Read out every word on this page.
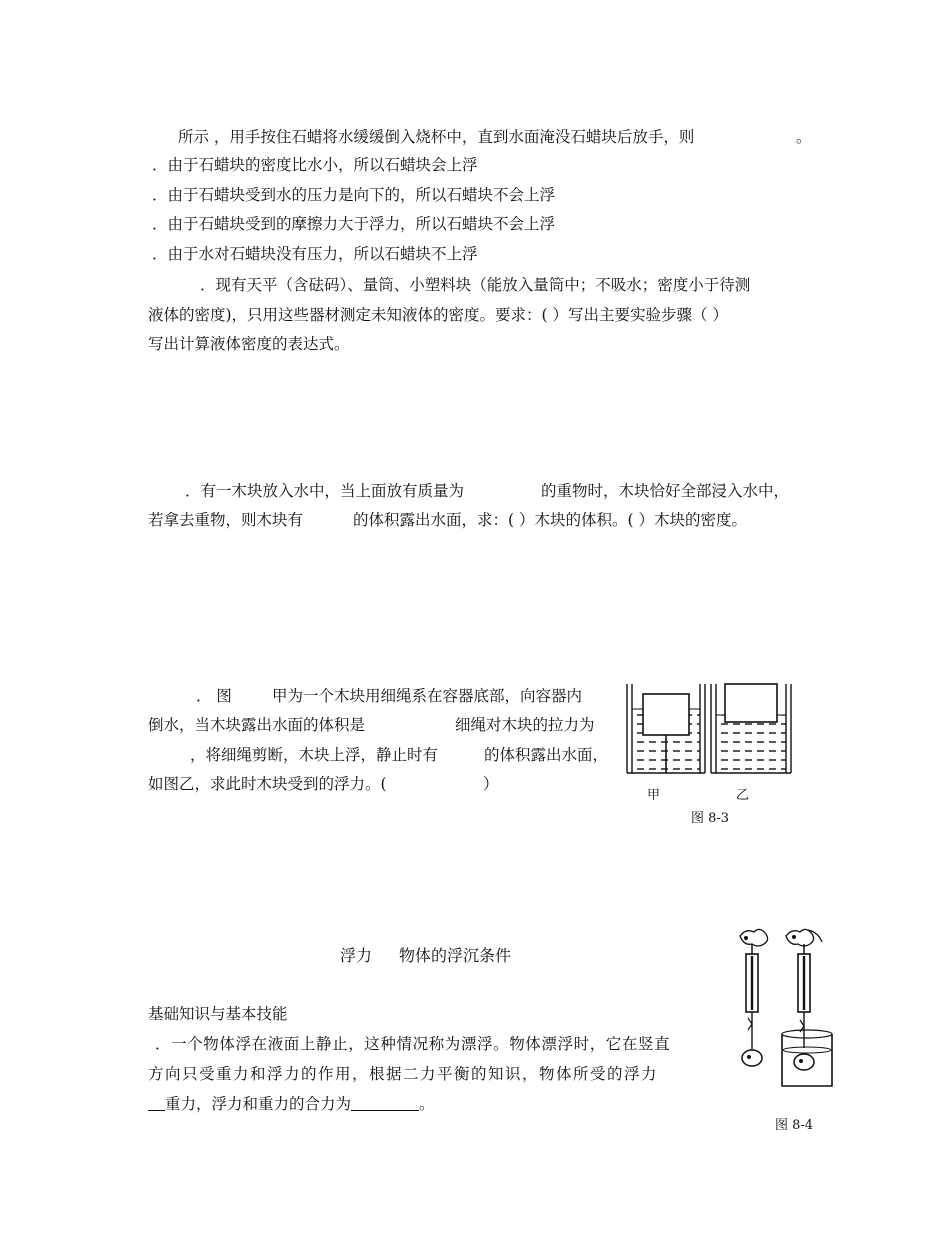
所示 ，用手按住石蜡将水缓缓倒入烧杯中，直到水面淹没石蜡块后放手，则	。
．由于石蜡块的密度比水小，所以石蜡块会上浮
．由于石蜡块受到水的压力是向下的，所以石蜡块不会上浮
．由于石蜡块受到的摩擦力大于浮力，所以石蜡块不会上浮
．由于水对石蜡块没有压力，所以石蜡块不上浮
．现有天平（含砝码）、量筒、小塑料块（能放入量筒中；不吸水；密度小于待测
液体的密度)，只用这些器材测定未知液体的密度。要求：( ）写出主要实验步骤（ ）
写出计算液体密度的表达式。
．有一木块放入水中，当上面放有质量为	的重物时，木块恰好全部浸入水中，
若拿去重物，则木块有	的体积露出水面，求：( ）木块的体积。( ）木块的密度。
． 图	甲为一个木块用细绳系在容器底部，向容器内
倒水，当木块露出水面的体积是	细绳对木块的拉力为
，将细绳剪断，木块上浮，静止时有	的体积露出水面，
如图乙，求此时木块受到的浮力。(	）
甲	乙
图 8-3
浮力 物体的浮沉条件
基础知识与基本技能
．一个物体浮在液面上静止，这种情况称为漂浮。物体漂浮时，它在竖直
方向只受重力和浮力的作用，根据二力平衡的知识，物体所受的浮力
重力，浮力和重力的合力为	。
图 8-4
